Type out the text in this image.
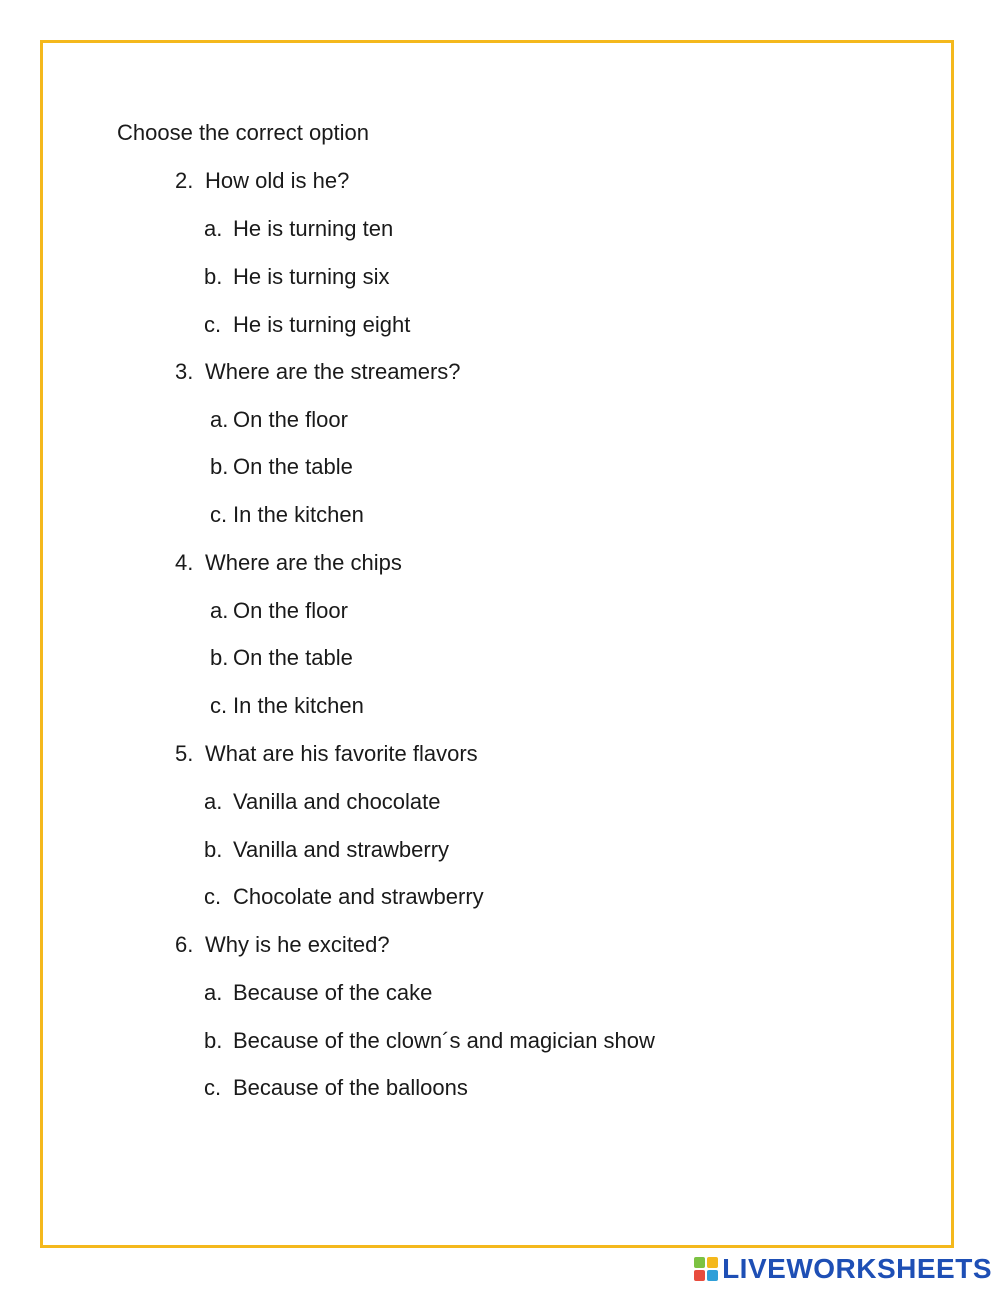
Choose the correct option
2. How old is he?
a. He is turning ten
b. He is turning six
c. He is turning eight
3. Where are the streamers?
a. On the floor
b. On the table
c. In the kitchen
4. Where are the chips
a. On the floor
b. On the table
c. In the kitchen
5. What are his favorite flavors
a. Vanilla and chocolate
b. Vanilla and strawberry
c. Chocolate and strawberry
6. Why is he excited?
a. Because of the cake
b. Because of the clown´s and magician show
c. Because of the balloons
LIVEWORKSHEETS
